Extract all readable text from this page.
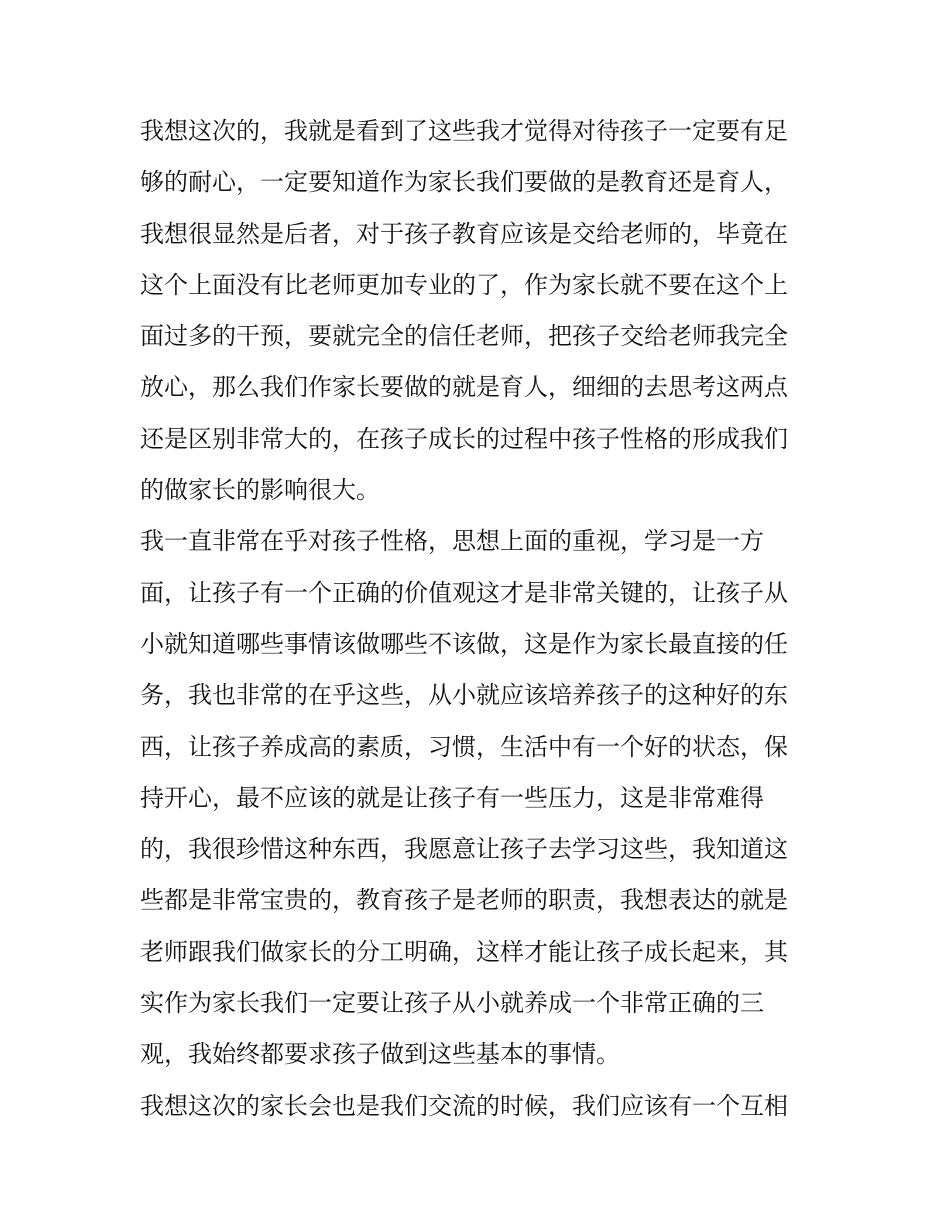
我想这次的，我就是看到了这些我才觉得对待孩子一定要有足
够的耐心，一定要知道作为家长我们要做的是教育还是育人，
我想很显然是后者，对于孩子教育应该是交给老师的，毕竟在
这个上面没有比老师更加专业的了，作为家长就不要在这个上
面过多的干预，要就完全的信任老师，把孩子交给老师我完全
放心，那么我们作家长要做的就是育人，细细的去思考这两点
还是区别非常大的，在孩子成长的过程中孩子性格的形成我们
的做家长的影响很大。
我一直非常在乎对孩子性格，思想上面的重视，学习是一方
面，让孩子有一个正确的价值观这才是非常关键的，让孩子从
小就知道哪些事情该做哪些不该做，这是作为家长最直接的任
务，我也非常的在乎这些，从小就应该培养孩子的这种好的东
西，让孩子养成高的素质，习惯，生活中有一个好的状态，保
持开心，最不应该的就是让孩子有一些压力，这是非常难得
的，我很珍惜这种东西，我愿意让孩子去学习这些，我知道这
些都是非常宝贵的，教育孩子是老师的职责，我想表达的就是
老师跟我们做家长的分工明确，这样才能让孩子成长起来，其
实作为家长我们一定要让孩子从小就养成一个非常正确的三
观，我始终都要求孩子做到这些基本的事情。
我想这次的家长会也是我们交流的时候，我们应该有一个互相
